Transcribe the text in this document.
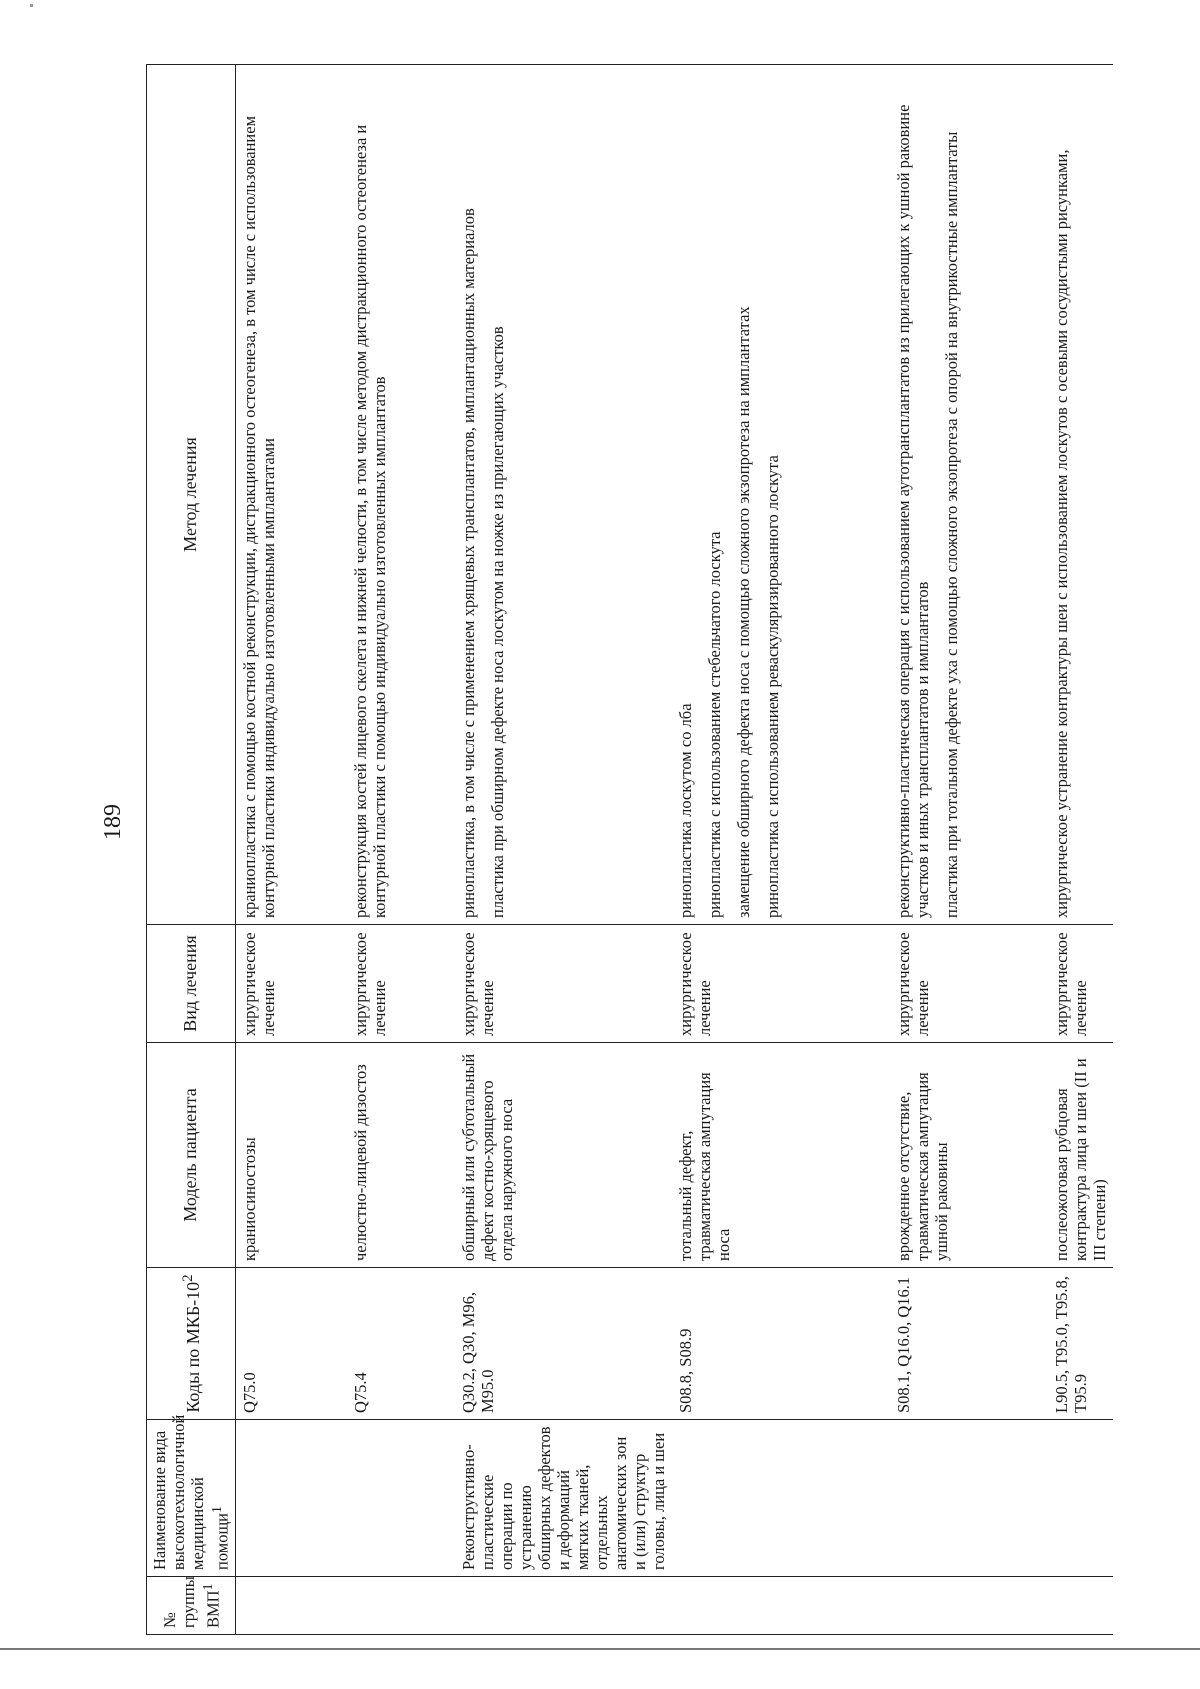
189
№ группы ВМП$^1$	Наименование вида высокотехнологичной медицинской помощи$^1$	Коды по МКБ-$10^2$	Модель пациента	Вид лечения	Метод лечения
		Q75.0	краниосиностозы	хирургическое лечение	краниопластика с помощью костной реконструкции, дистракционного остеогенеза, в том числе с использованием контурной пластики индивидуально изготовленными имплантатами

		Q75.4	челюстно-лицевой дизостоз	хирургическое лечение	реконструкция костей лицевого скелета и нижней челюсти, в том числе методом дистракционного остеогенеза и контурной пластики с помощью индивидуально изготовленных имплантатов

	Реконструктивно-пластические операции по устранению обширных дефектов и деформаций мягких тканей, отдельных анатомических зон и (или) структур головы, лица и шеи	Q30.2, Q30, M96, M95.0	обширный или субтотальный дефект костно-хрящевого отдела наружного носа	хирургическое лечение	ринопластика, в том числе с применением хрящевых трансплантатов, имплантационных материалов пластика при обширном дефекте носа лоскутом на ножке из прилегающих участков

		S08.8, S08.9	тотальный дефект, травматическая ампутация носа	хирургическое лечение	ринопластика лоскутом со лба ринопластика с использованием стебельчатого лоскута замещение обширного дефекта носа с помощью сложного экзопротеза на имплантатах ринопластика с использованием реваскуляризированного лоскута

		S08.1, Q16.0, Q16.1	врожденное отсутствие, травматическая ампутация ушной раковины	хирургическое лечение	реконструктивно-пластическая операция с использованием аутотрансплантатов из прилегающих к ушной раковине участков и иных трансплантатов и имплантатов пластика при тотальном дефекте уха с помощью сложного экзопротеза с опорой на внутрикостные имплантаты

		L90.5, T95.0, T95.8, T95.9	послеожоговая рубцовая контрактура лица и шеи (II и III степени)	хирургическое лечение	хирургическое устранение контрактуры шеи с использованием лоскутов с осевыми сосудистыми рисунками,
